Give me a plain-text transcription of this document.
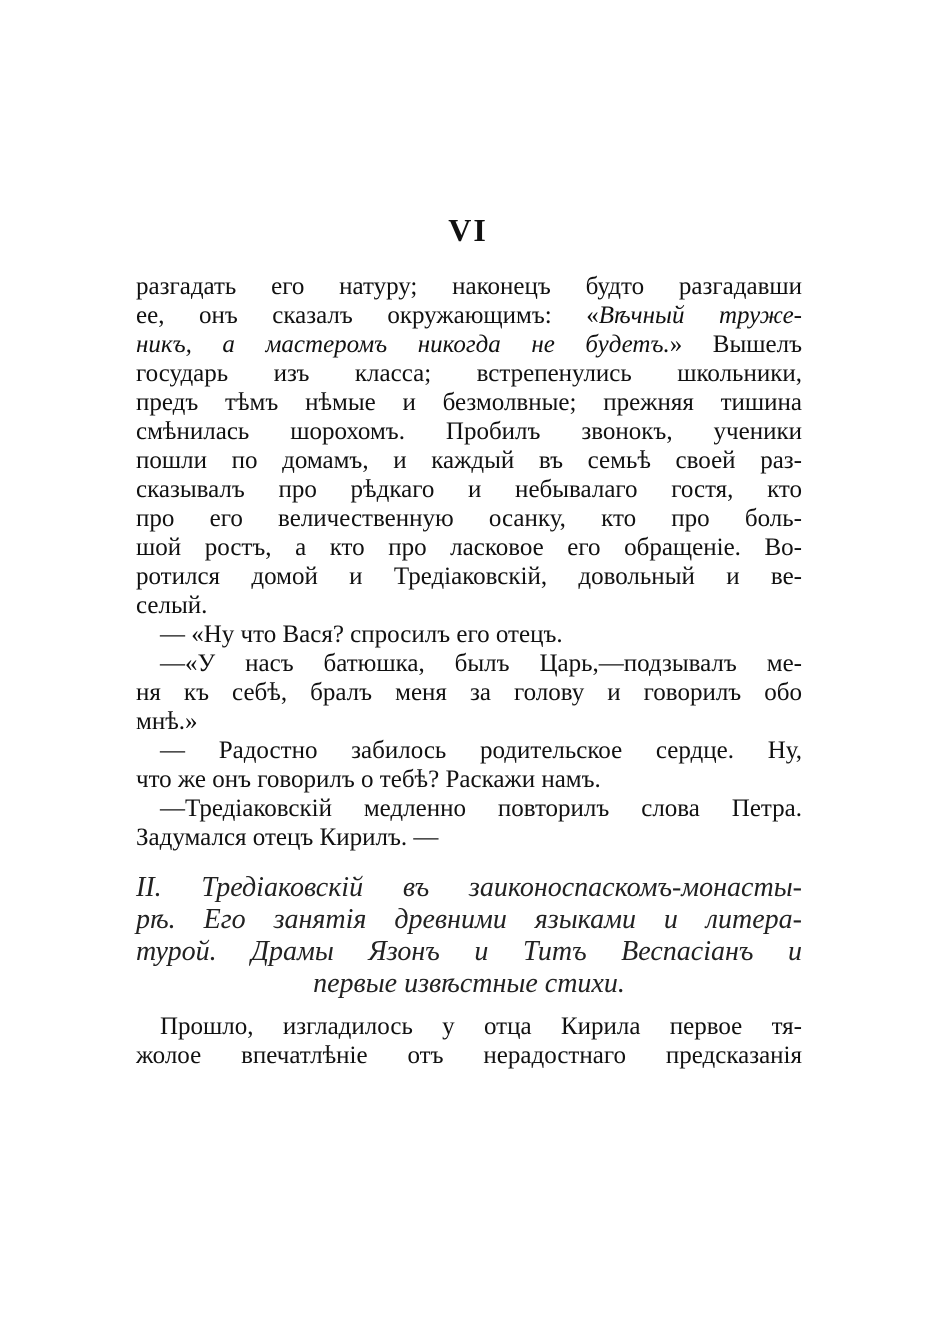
VI
разгадать его натуру; наконецъ будто разгадавши
ее, онъ сказалъ окружающимъ: «Вѣчный труже-
никъ, а мастеромъ никогда не будетъ.» Вышелъ
государь изъ класса; встрепенулись школьники,
предъ тѣмъ нѣмые и безмолвные; прежняя тишина
смѣнилась шорохомъ. Пробилъ звонокъ, ученики
пошли по домамъ, и каждый въ семьѣ своей раз-
сказывалъ про рѣдкаго и небывалаго гостя, кто
про его величественную осанку, кто про боль-
шой ростъ, а кто про ласковое его обращеніе. Во-
ротился домой и Тредіаковскій, довольный и ве-
селый.
— «Ну что Вася? спросилъ его отецъ.
—«У насъ батюшка, былъ Царь,—подзывалъ ме-
ня къ себѣ, бралъ меня за голову и говорилъ обо
мнѣ.»
— Радостно забилось родительское сердце. Ну,
что же онъ говорилъ о тебѣ? Раскажи намъ.
—Тредіаковскій медленно повторилъ слова Петра.
Задумался отецъ Кирилъ. —
II. Тредіаковскій въ заиконоспаскомъ-монасты-
рѣ. Его занятія древними языками и литера-
турой. Драмы Язонъ и Титъ Веспасіанъ и
первые извѣстные стихи.
Прошло, изгладилось у отца Кирила первое тя-
жолое впечатлѣніе отъ нерадостнаго предсказанія
